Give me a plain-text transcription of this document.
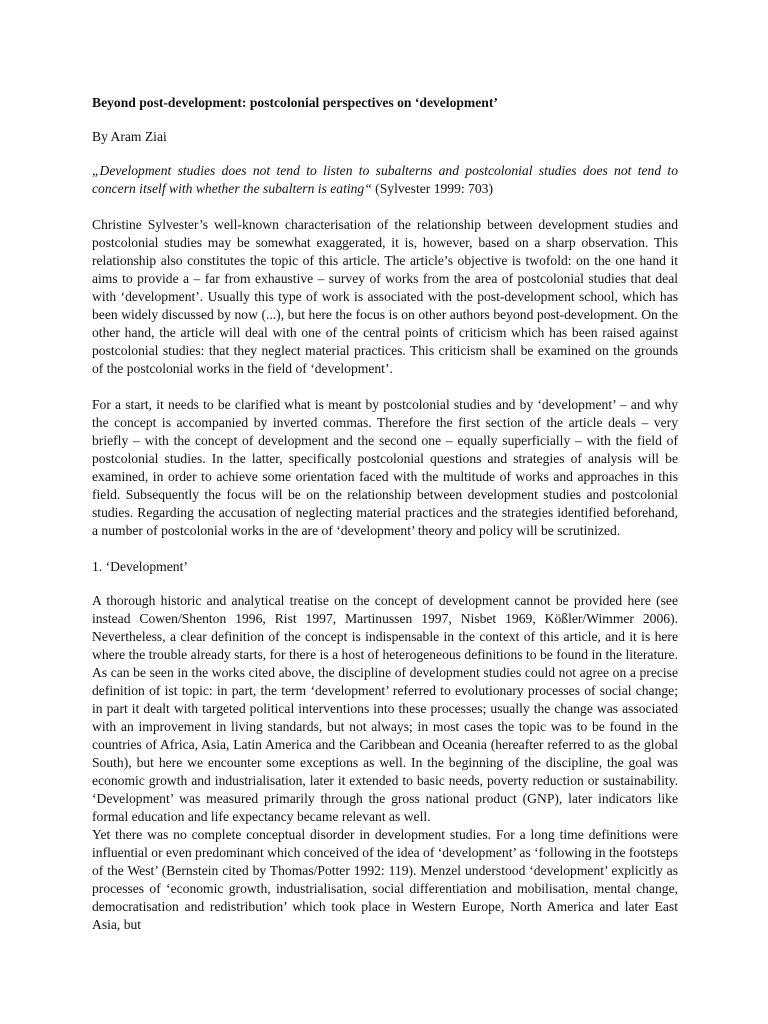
Beyond post-development: postcolonial perspectives on ‘development’
By Aram Ziai
„Development studies does not tend to listen to subalterns and postcolonial studies does not tend to concern itself with whether the subaltern is eating“ (Sylvester 1999: 703)
Christine Sylvester’s well-known characterisation of the relationship between development studies and postcolonial studies may be somewhat exaggerated, it is, however, based on a sharp observation. This relationship also constitutes the topic of this article. The article’s objective is twofold: on the one hand it aims to provide a – far from exhaustive – survey of works from the area of postcolonial studies that deal with ‘development’. Usually this type of work is associated with the post-development school, which has been widely discussed by now (...), but here the focus is on other authors beyond post-development. On the other hand, the article will deal with one of the central points of criticism which has been raised against postcolonial studies: that they neglect material practices. This criticism shall be examined on the grounds of the postcolonial works in the field of ‘development’.
For a start, it needs to be clarified what is meant by postcolonial studies and by ‘development’ – and why the concept is accompanied by inverted commas. Therefore the first section of the article deals – very briefly – with the concept of development and the second one – equally superficially – with the field of postcolonial studies. In the latter, specifically postcolonial questions and strategies of analysis will be examined, in order to achieve some orientation faced with the multitude of works and approaches in this field. Subsequently the focus will be on the relationship between development studies and postcolonial studies. Regarding the accusation of neglecting material practices and the strategies identified beforehand, a number of postcolonial works in the are of ‘development’ theory and policy will be scrutinized.
1. ‘Development’
A thorough historic and analytical treatise on the concept of development cannot be provided here (see instead Cowen/Shenton 1996, Rist 1997, Martinussen 1997, Nisbet 1969, Kößler/Wimmer 2006). Nevertheless, a clear definition of the concept is indispensable in the context of this article, and it is here where the trouble already starts, for there is a host of heterogeneous definitions to be found in the literature. As can be seen in the works cited above, the discipline of development studies could not agree on a precise definition of ist topic: in part, the term ‘development’ referred to evolutionary processes of social change; in part it dealt with targeted political interventions into these processes; usually the change was associated with an improvement in living standards, but not always; in most cases the topic was to be found in the countries of Africa, Asia, Latin America and the Caribbean and Oceania (hereafter referred to as the global South), but here we encounter some exceptions as well. In the beginning of the discipline, the goal was economic growth and industrialisation, later it extended to basic needs, poverty reduction or sustainability. ‘Development’ was measured primarily through the gross national product (GNP), later indicators like formal education and life expectancy became relevant as well.
Yet there was no complete conceptual disorder in development studies. For a long time definitions were influential or even predominant which conceived of the idea of ‘development’ as ‘following in the footsteps of the West’ (Bernstein cited by Thomas/Potter 1992: 119). Menzel understood ‘development’ explicitly as processes of ‘economic growth, industrialisation, social differentiation and mobilisation, mental change, democratisation and redistribution’ which took place in Western Europe, North America and later East Asia, but
